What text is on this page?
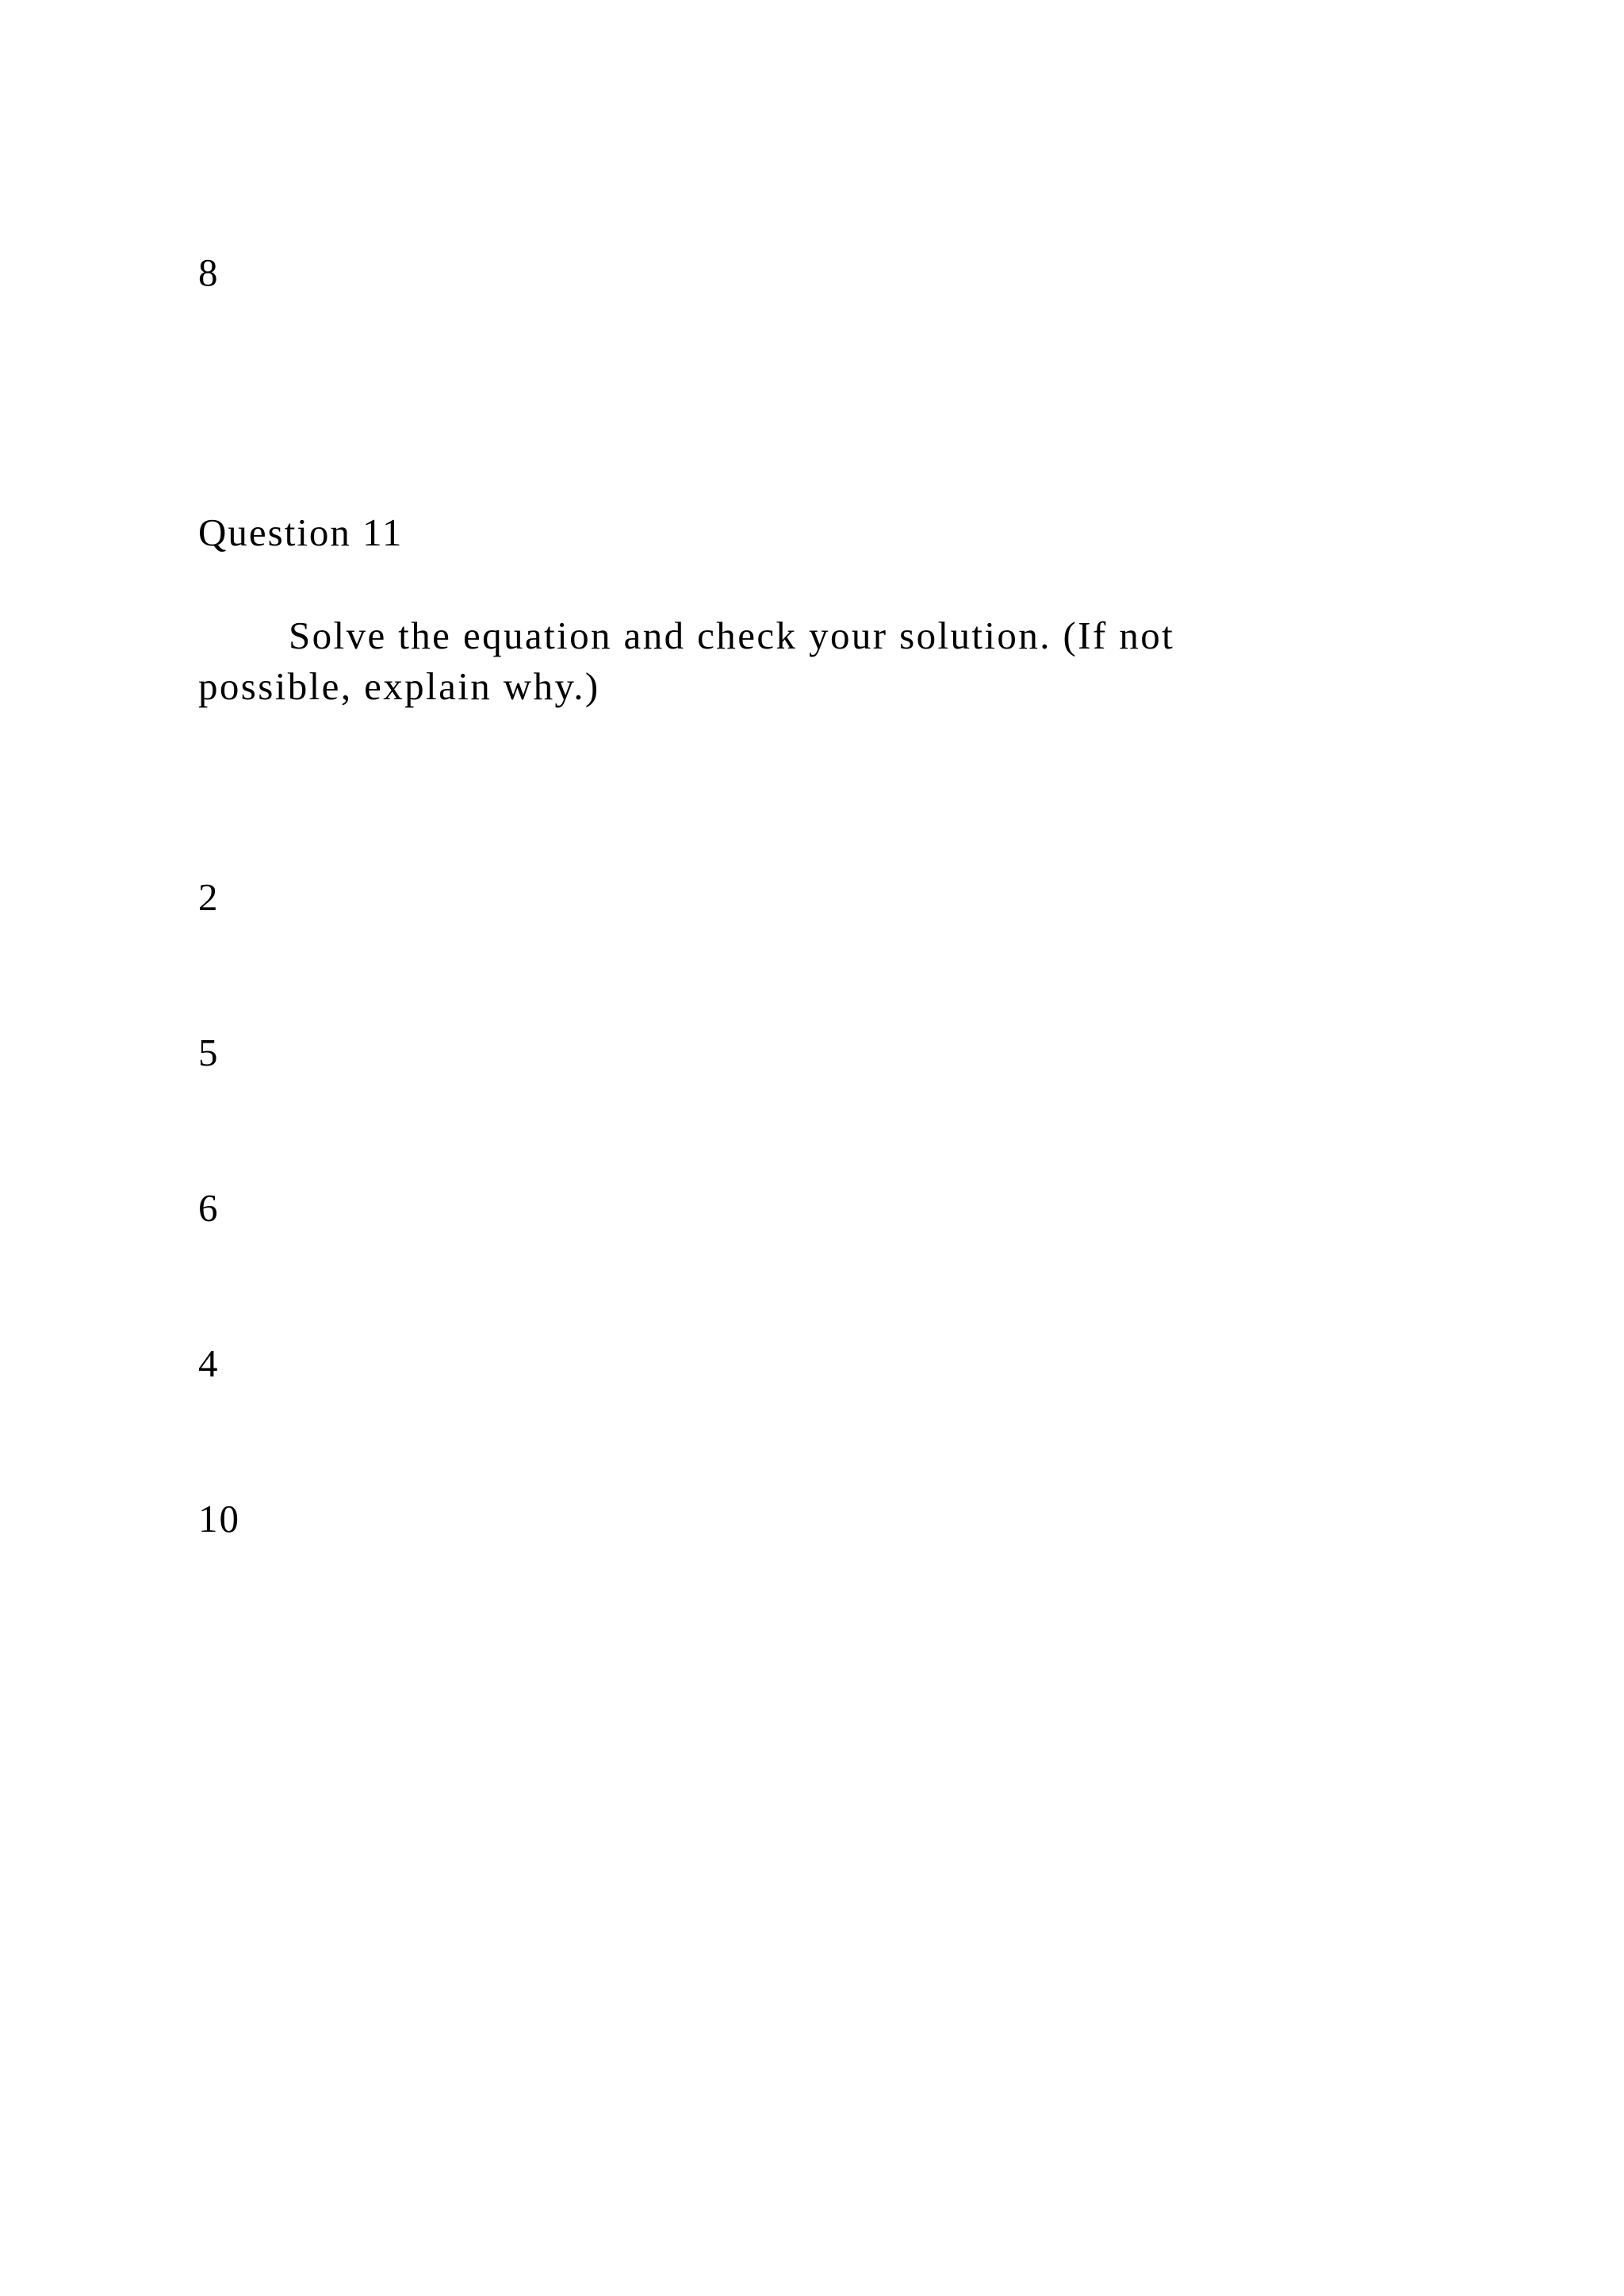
8
Question 11
Solve the equation and check your solution. (If not possible, explain why.)
2
5
6
4
10
